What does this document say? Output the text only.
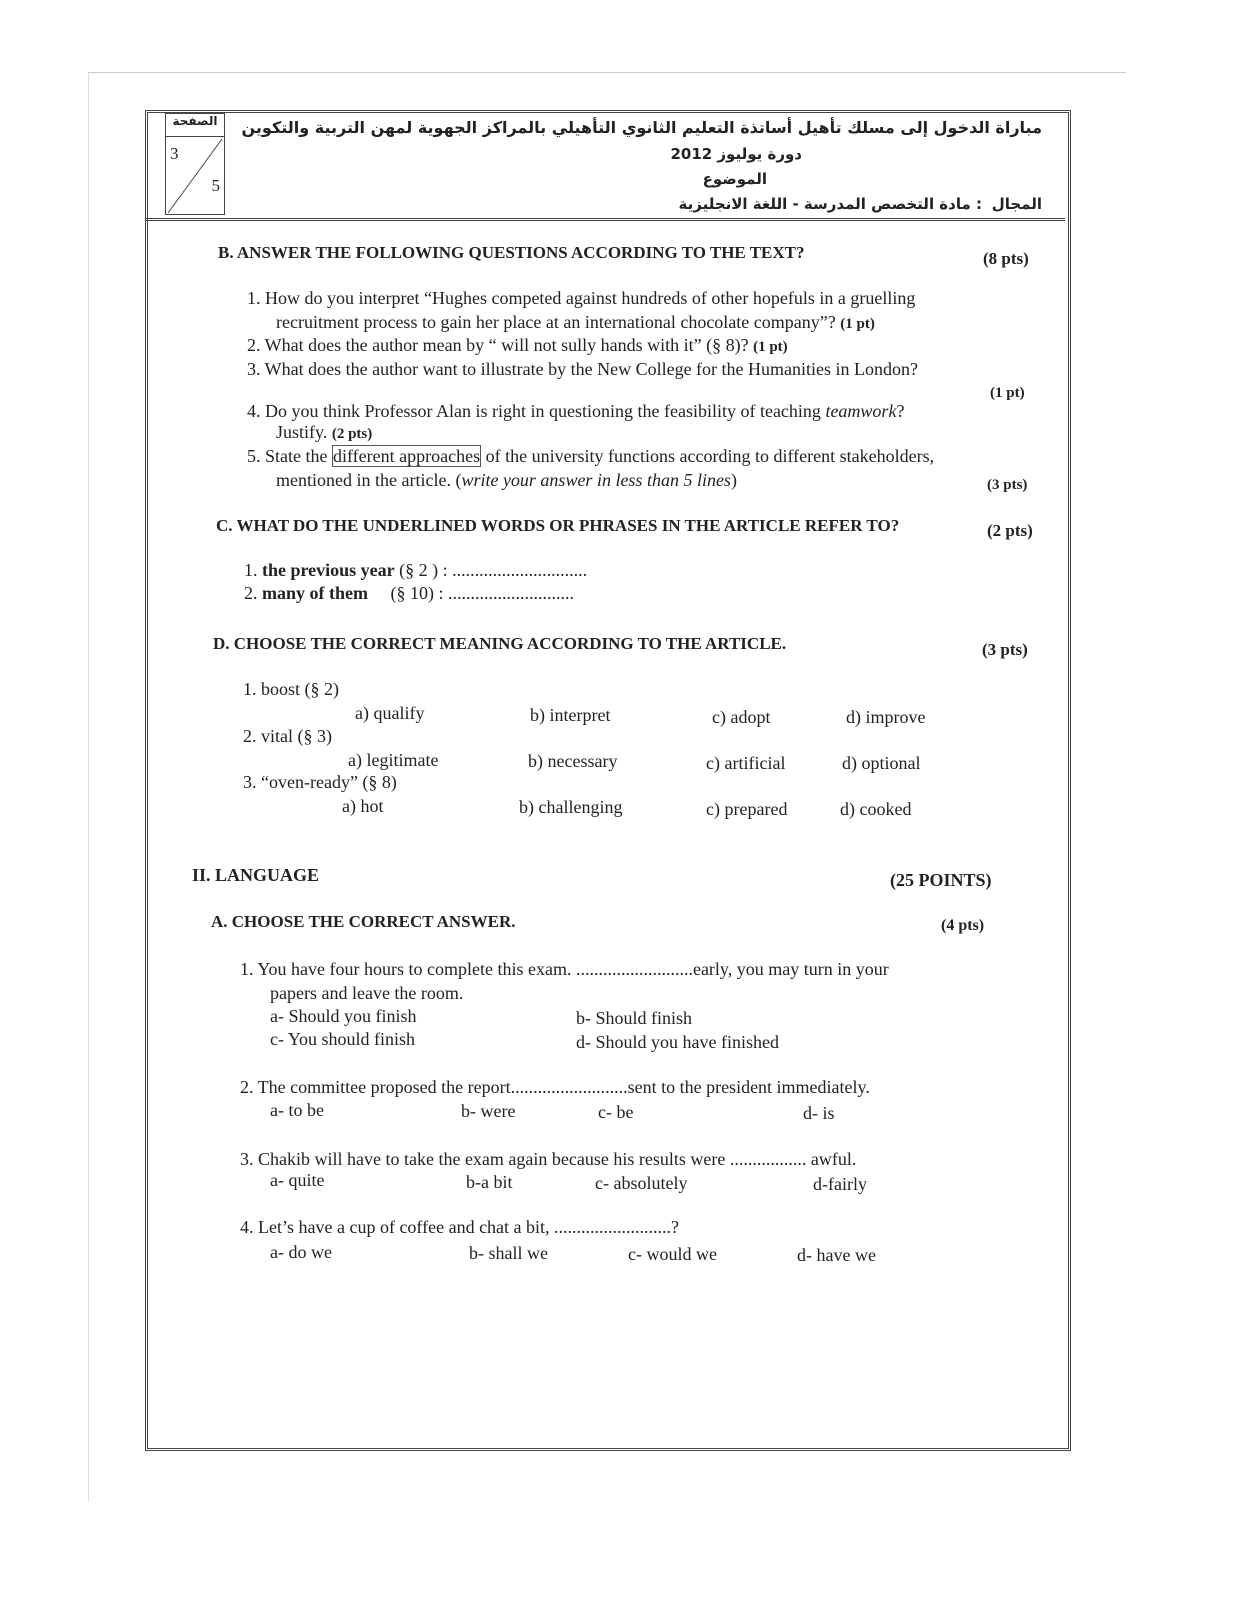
الصفحة
3
5
مباراة الدخول إلى مسلك تأهيل أساتذة التعليم الثانوي التأهيلي بالمراكز الجهوية لمهن التربية والتكوين
دورة يوليوز 2012
الموضوع
المجال
: مادة التخصص المدرسة - اللغة الانجليزية
B. ANSWER THE FOLLOWING QUESTIONS ACCORDING TO THE TEXT?	(8 pts)
1. How do you interpret “Hughes competed against hundreds of other hopefuls in a gruelling
recruitment process to gain her place at an international chocolate company”? (1 pt)
2. What does the author mean by “ will not sully hands with it” (§ 8)? (1 pt)
3. What does the author want to illustrate by the New College for the Humanities in London?
(1 pt)
4. Do you think Professor Alan is right in questioning the feasibility of teaching teamwork?
Justify. (2 pts)
5. State the different approaches of the university functions according to different stakeholders,
mentioned in the article. (write your answer in less than 5 lines)	(3 pts)
C. WHAT DO THE UNDERLINED WORDS OR PHRASES IN THE ARTICLE REFER TO?	(2 pts)
1. the previous year (§ 2 ) : ..............................
2. many of them (§ 10) : ............................
D. CHOOSE THE CORRECT MEANING ACCORDING TO THE ARTICLE.	(3 pts)
1. boost (§ 2)
a) qualify	b) interpret	c) adopt	d) improve
2. vital (§ 3)
a) legitimate	b) necessary	c) artificial	d) optional
3. “oven-ready” (§ 8)
a) hot	b) challenging	c) prepared	d) cooked
II. LANGUAGE	(25 POINTS)
A. CHOOSE THE CORRECT ANSWER.	(4 pts)
1. You have four hours to complete this exam. ..........................early, you may turn in your
papers and leave the room.
a- Should you finish	b- Should finish
c- You should finish	d- Should you have finished
2. The committee proposed the report..........................sent to the president immediately.
a- to be	b- were	c- be	d- is
3. Chakib will have to take the exam again because his results were ................. awful.
a- quite	b-a bit	c- absolutely	d-fairly
4. Let’s have a cup of coffee and chat a bit, ..........................?
a- do we	b- shall we	c- would we	d- have we
